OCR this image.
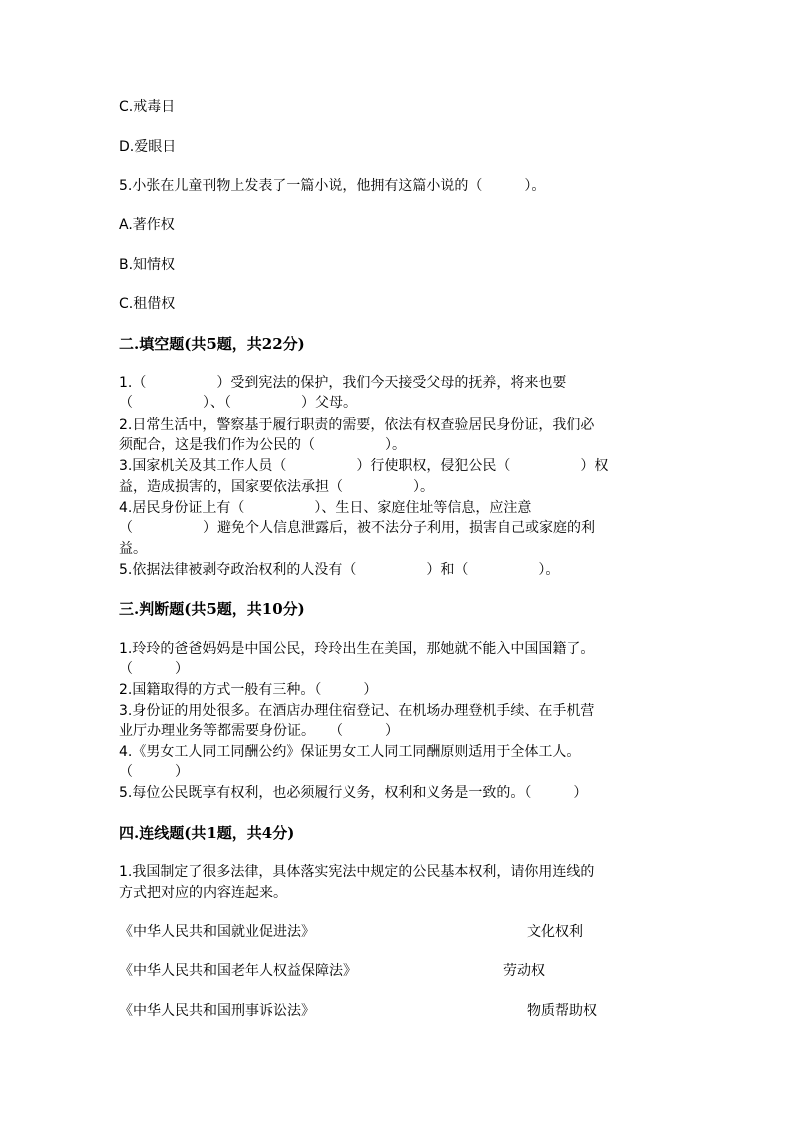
C.戒毒日
D.爱眼日
5.小张在儿童刊物上发表了一篇小说，他拥有这篇小说的（　　　）。
A.著作权
B.知情权
C.租借权
二.填空题(共5题，共22分)
1.（　　　　　）受到宪法的保护，我们今天接受父母的抚养，将来也要
（　　　　　）、（　　　　　）父母。
2.日常生活中，警察基于履行职责的需要，依法有权查验居民身份证，我们必
须配合，这是我们作为公民的（　　　　　）。
3.国家机关及其工作人员（　　　　　）行使职权，侵犯公民（　　　　　）权
益，造成损害的，国家要依法承担（　　　　　）。
4.居民身份证上有（　　　　　）、生日、家庭住址等信息，应注意
（　　　　　）避免个人信息泄露后，被不法分子利用，损害自己或家庭的利
益。
5.依据法律被剥夺政治权利的人没有（　　　　　）和（　　　　　）。
三.判断题(共5题，共10分)
1.玲玲的爸爸妈妈是中国公民，玲玲出生在美国，那她就不能入中国国籍了。
（　　　）
2.国籍取得的方式一般有三种。（　　　）
3.身份证的用处很多。在酒店办理住宿登记、在机场办理登机手续、在手机营
业厅办理业务等都需要身份证。　　（　　　）
4.《男女工人同工同酬公约》保证男女工人同工同酬原则适用于全体工人。
（　　　）
5.每位公民既享有权利，也必须履行义务，权利和义务是一致的。（　　　）
四.连线题(共1题，共4分)
1.我国制定了很多法律，具体落实宪法中规定的公民基本权利，请你用连线的
方式把对应的内容连起来。
《中华人民共和国就业促进法》	文化权利
《中华人民共和国老年人权益保障法》	劳动权
《中华人民共和国刑事诉讼法》	物质帮助权
